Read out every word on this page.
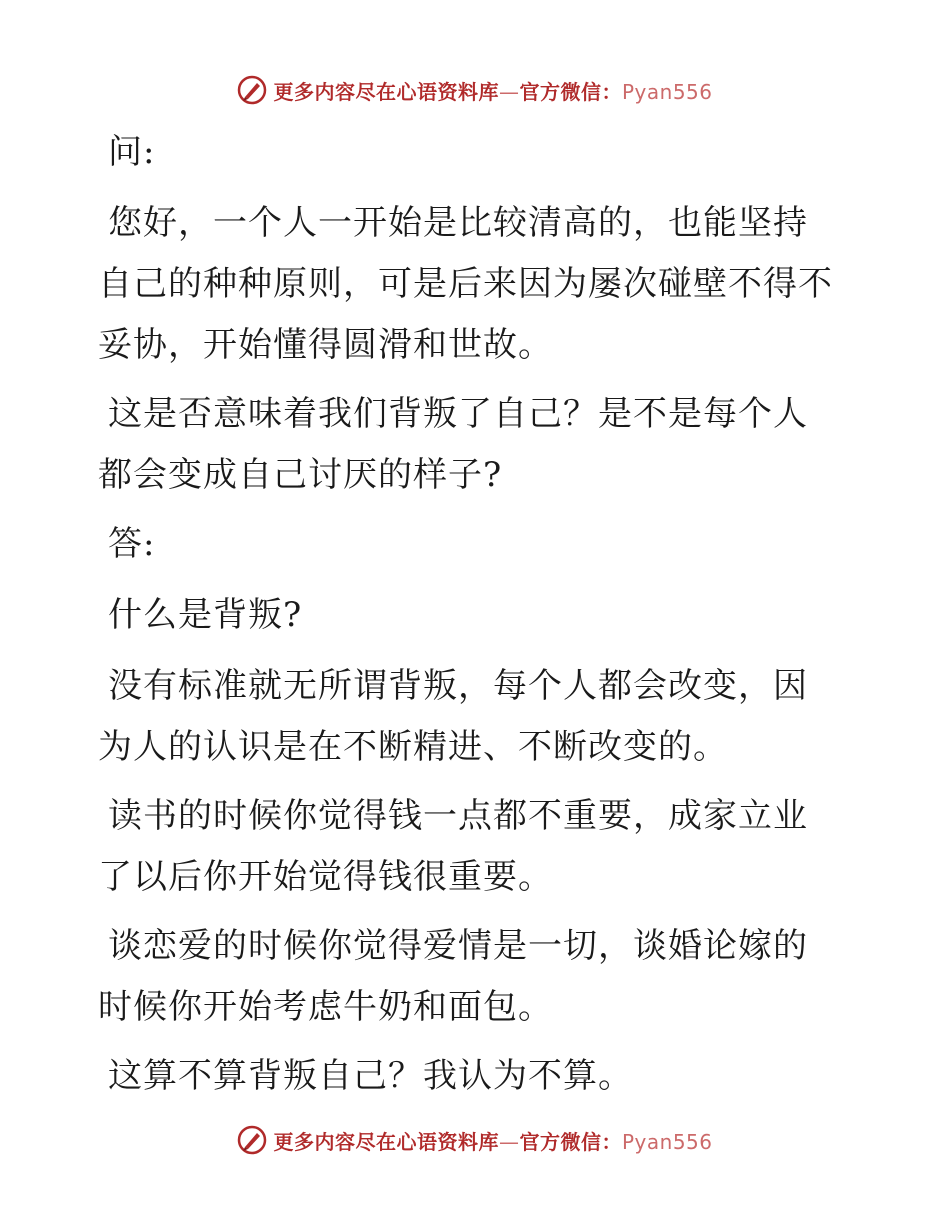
更多内容尽在心语资料库—官方微信：Pyan556

问:

您好，一个人一开始是比较清高的，也能坚持自己的种种原则，可是后来因为屡次碰壁不得不妥协，开始懂得圆滑和世故。

这是否意味着我们背叛了自己？是不是每个人都会变成自己讨厌的样子?

答:

什么是背叛?

没有标准就无所谓背叛，每个人都会改变，因为人的认识是在不断精进、不断改变的。

读书的时候你觉得钱一点都不重要，成家立业了以后你开始觉得钱很重要。

谈恋爱的时候你觉得爱情是一切，谈婚论嫁的时候你开始考虑牛奶和面包。

这算不算背叛自己？我认为不算。

更多内容尽在心语资料库—官方微信：Pyan556
